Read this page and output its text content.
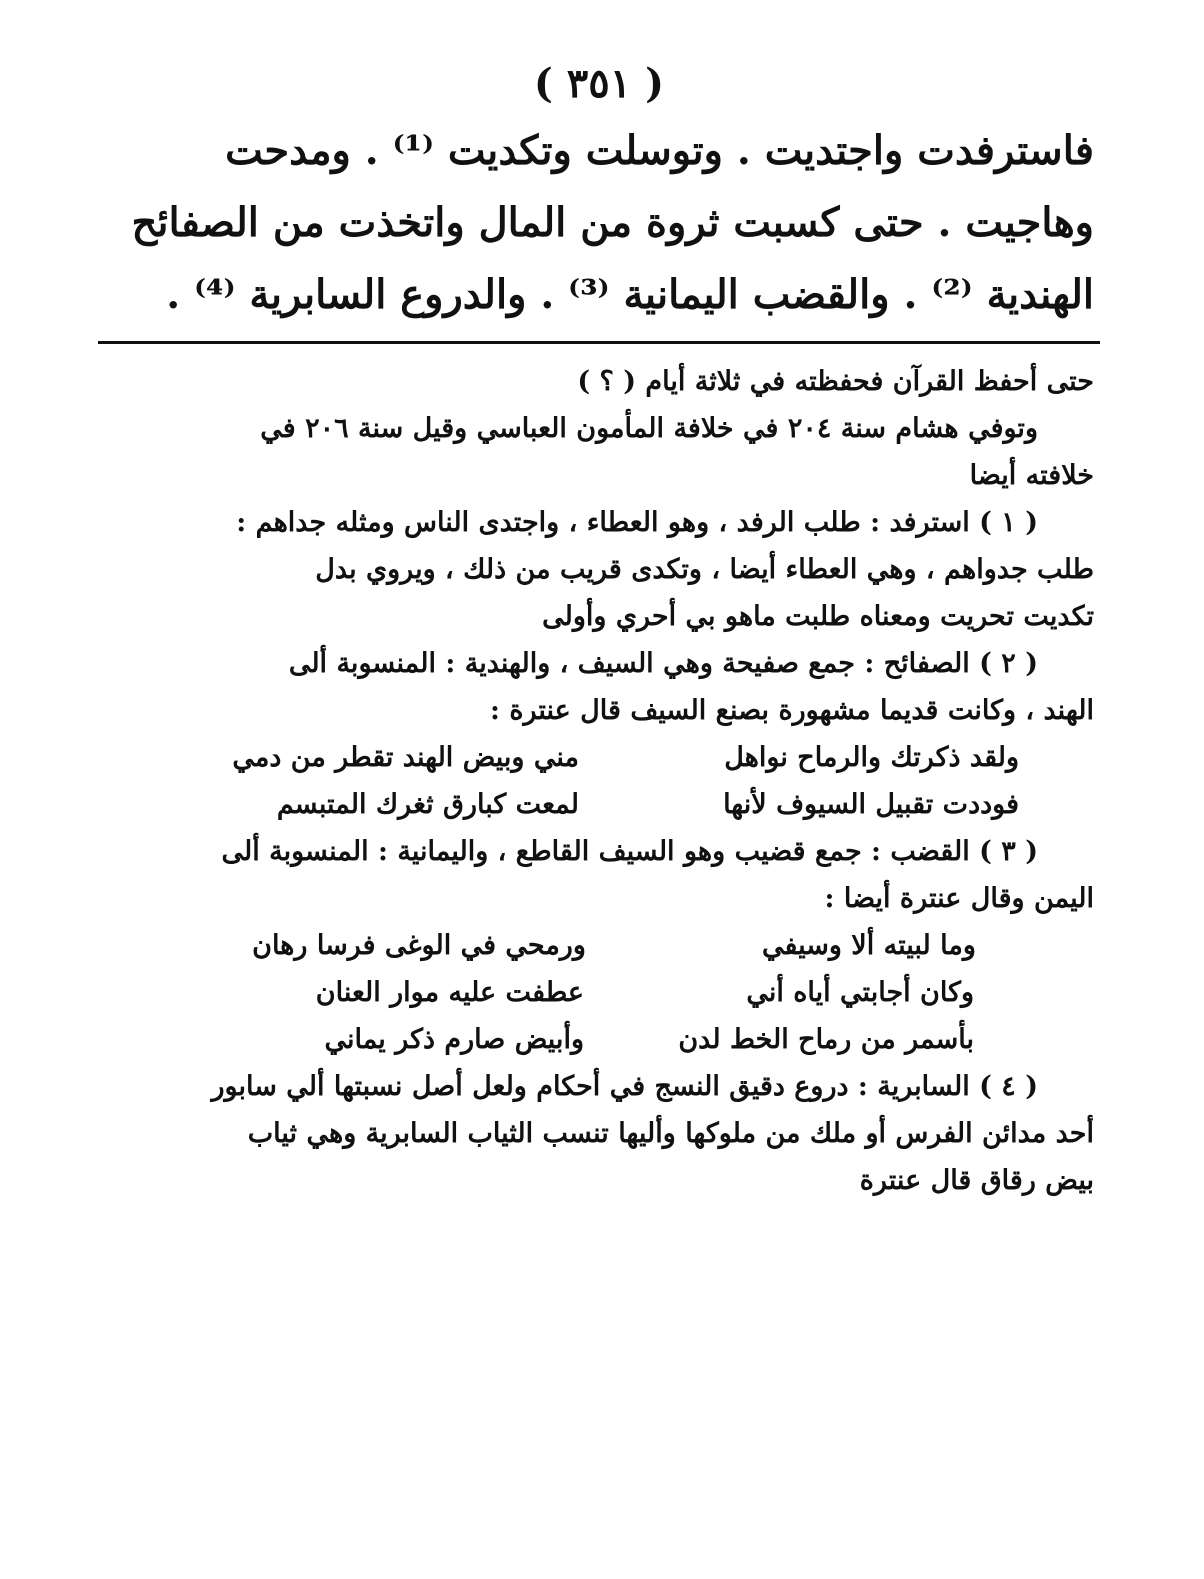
( ٣٥١ )

فاسترفدت واجتديت . وتوسلت وتكديت ⁽¹⁾ . ومدحت

وهاجيت . حتى كسبت ثروة من المال واتخذت من الصفائح

الهندية ⁽²⁾ . والقضب اليمانية ⁽³⁾ . والدروع السابرية ⁽⁴⁾ .

حتى أحفظ القرآن فحفظته في ثلاثة أيام ( ؟ )

وتوفي هشام سنة ٢٠٤ في خلافة المأمون العباسي وقيل سنة ٢٠٦ في

خلافته أيضا

( ١ ) استرفد : طلب الرفد ، وهو العطاء ، واجتدى الناس ومثله جداهم :

طلب جدواهم ، وهي العطاء أيضا ، وتكدى قريب من ذلك ، ويروي بدل

تكديت تحريت ومعناه طلبت ماهو بي أحري وأولى

( ٢ ) الصفائح : جمع صفيحة وهي السيف ، والهندية : المنسوبة ألى

الهند ، وكانت قديما مشهورة بصنع السيف قال عنترة :

ولقد ذكرتك والرماح نواهل
مني وبيض الهند تقطر من دمي
فوددت تقبيل السيوف لأنها
لمعت كبارق ثغرك المتبسم

( ٣ ) القضب : جمع قضيب وهو السيف القاطع ، واليمانية : المنسوبة ألى

اليمن وقال عنترة أيضا :

وما لبيته ألا وسيفي
ورمحي في الوغى فرسا رهان
وكان أجابتي أياه أني
عطفت عليه موار العنان
بأسمر من رماح الخط لدن
وأبيض صارم ذكر يماني

( ٤ ) السابرية : دروع دقيق النسج في أحكام ولعل أصل نسبتها ألي سابور

أحد مدائن الفرس أو ملك من ملوكها وأليها تنسب الثياب السابرية وهي ثياب

بيض رقاق قال عنترة
